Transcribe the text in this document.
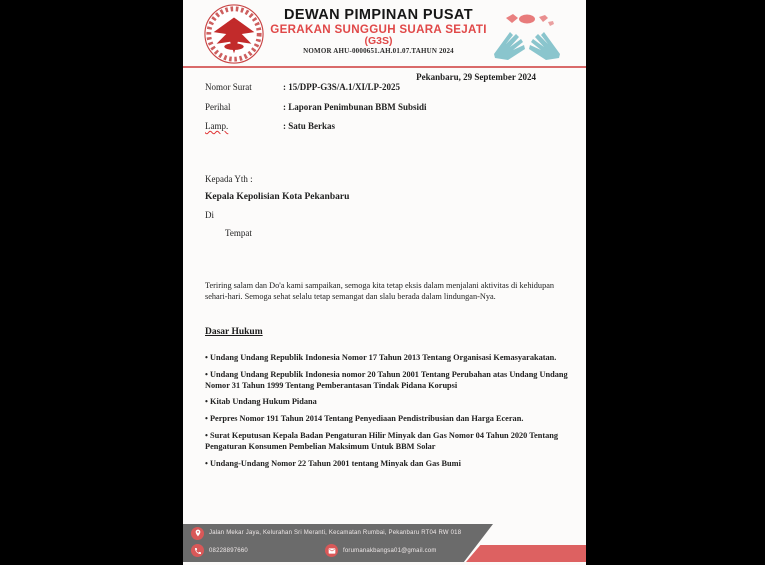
DEWAN PIMPINAN PUSAT
GERAKAN SUNGGUH SUARA SEJATI
(G3S)
NOMOR AHU-0000651.AH.01.07.TAHUN 2024
Pekanbaru, 29 September 2024
Nomor Surat	: 15/DPP-G3S/A.1/XI/LP-2025
Perihal	: Laporan Penimbunan BBM Subsidi
Lamp.	: Satu Berkas
Kepada Yth :
Kepala Kepolisian Kota Pekanbaru
Di
Tempat
Teriring salam dan Do'a kami sampaikan, semoga kita tetap eksis dalam menjalani aktivitas di kehidupan sehari-hari. Semoga sehat selalu tetap semangat dan slalu berada dalam lindungan-Nya.
Dasar Hukum
• Undang Undang Republik Indonesia Nomor 17 Tahun 2013 Tentang Organisasi Kemasyarakatan.
• Undang Undang Republik Indonesia nomor 20 Tahun 2001 Tentang Perubahan atas Undang Undang Nomor 31 Tahun 1999 Tentang Pemberantasan Tindak Pidana Korupsi
• Kitab Undang Hukum Pidana
• Perpres Nomor 191 Tahun 2014 Tentang Penyediaan Pendistribusian dan Harga Eceran.
• Surat Keputusan Kepala Badan Pengaturan Hilir Minyak dan Gas Nomor 04 Tahun 2020 Tentang Pengaturan Konsumen Pembelian Maksimum Untuk BBM Solar
• Undang-Undang Nomor 22 Tahun 2001 tentang Minyak dan Gas Bumi
Jalan Mekar Jaya, Kelurahan Sri Meranti, Kecamatan Rumbai, Pekanbaru RT04 RW 018
08228897660	forumanakbangsa01@gmail.com
